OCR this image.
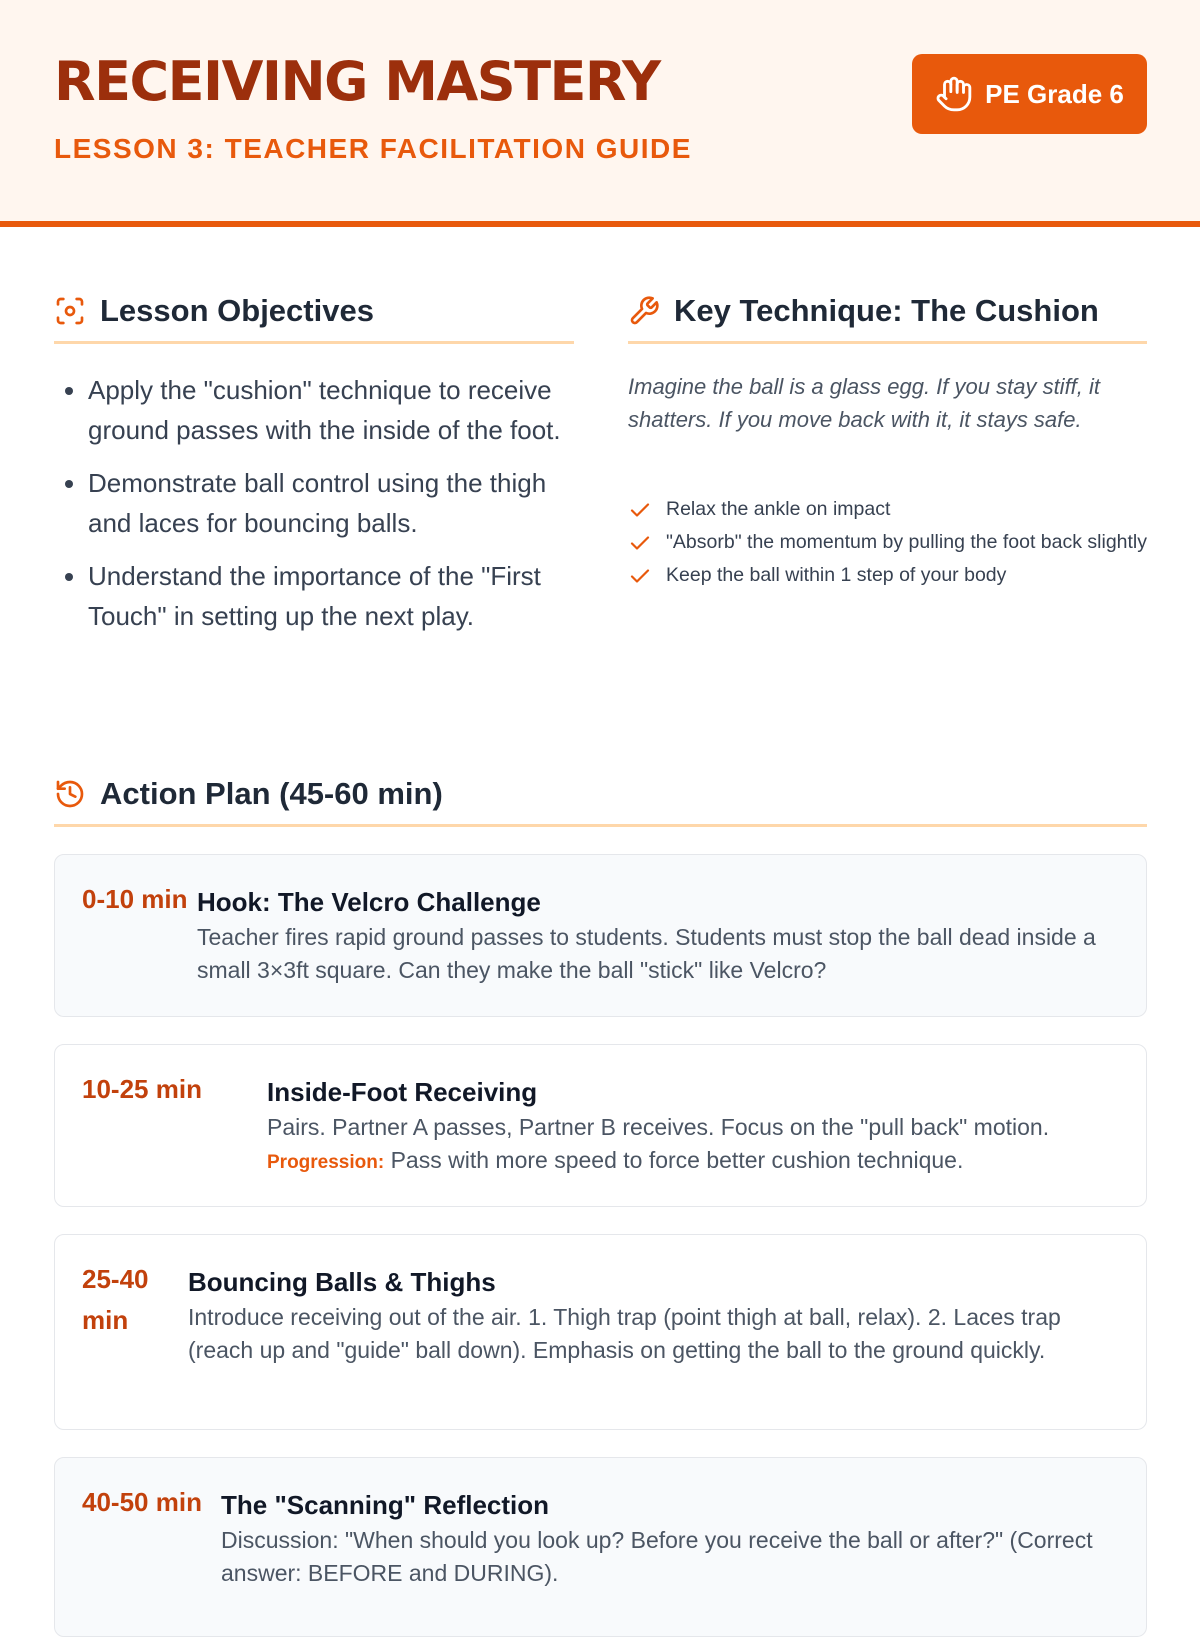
RECEIVING MASTERY

LESSON 3: TEACHER FACILITATION GUIDE

PE Grade 6
Lesson Objectives
• Apply the "cushion" technique to receive ground passes with the inside of the foot.
• Demonstrate ball control using the thigh and laces for bouncing balls.
• Understand the importance of the "First Touch" in setting up the next play.
Key Technique: The Cushion

Imagine the ball is a glass egg. If you stay stiff, it shatters. If you move back with it, it stays safe.

Relax the ankle on impact
"Absorb" the momentum by pulling the foot back slightly
Keep the ball within 1 step of your body
Action Plan (45-60 min)
0-10 min Hook: The Velcro Challenge

Teacher fires rapid ground passes to students. Students must stop the ball dead inside a small 3×3ft square. Can they make the ball "stick" like Velcro?

10-25 min	Inside-Foot Receiving

Pairs. Partner A passes, Partner B receives. Focus on the "pull back" motion.

Progression: Pass with more speed to force better cushion technique.

25-40 min
Bouncing Balls & Thighs

Introduce receiving out of the air. 1. Thigh trap (point thigh at ball, relax). 2. Laces trap (reach up and "guide" ball down). Emphasis on getting the ball to the ground quickly.

40-50 min The "Scanning" Reflection

Discussion: "When should you look up? Before you receive the ball or after?" (Correct answer: BEFORE and DURING).
